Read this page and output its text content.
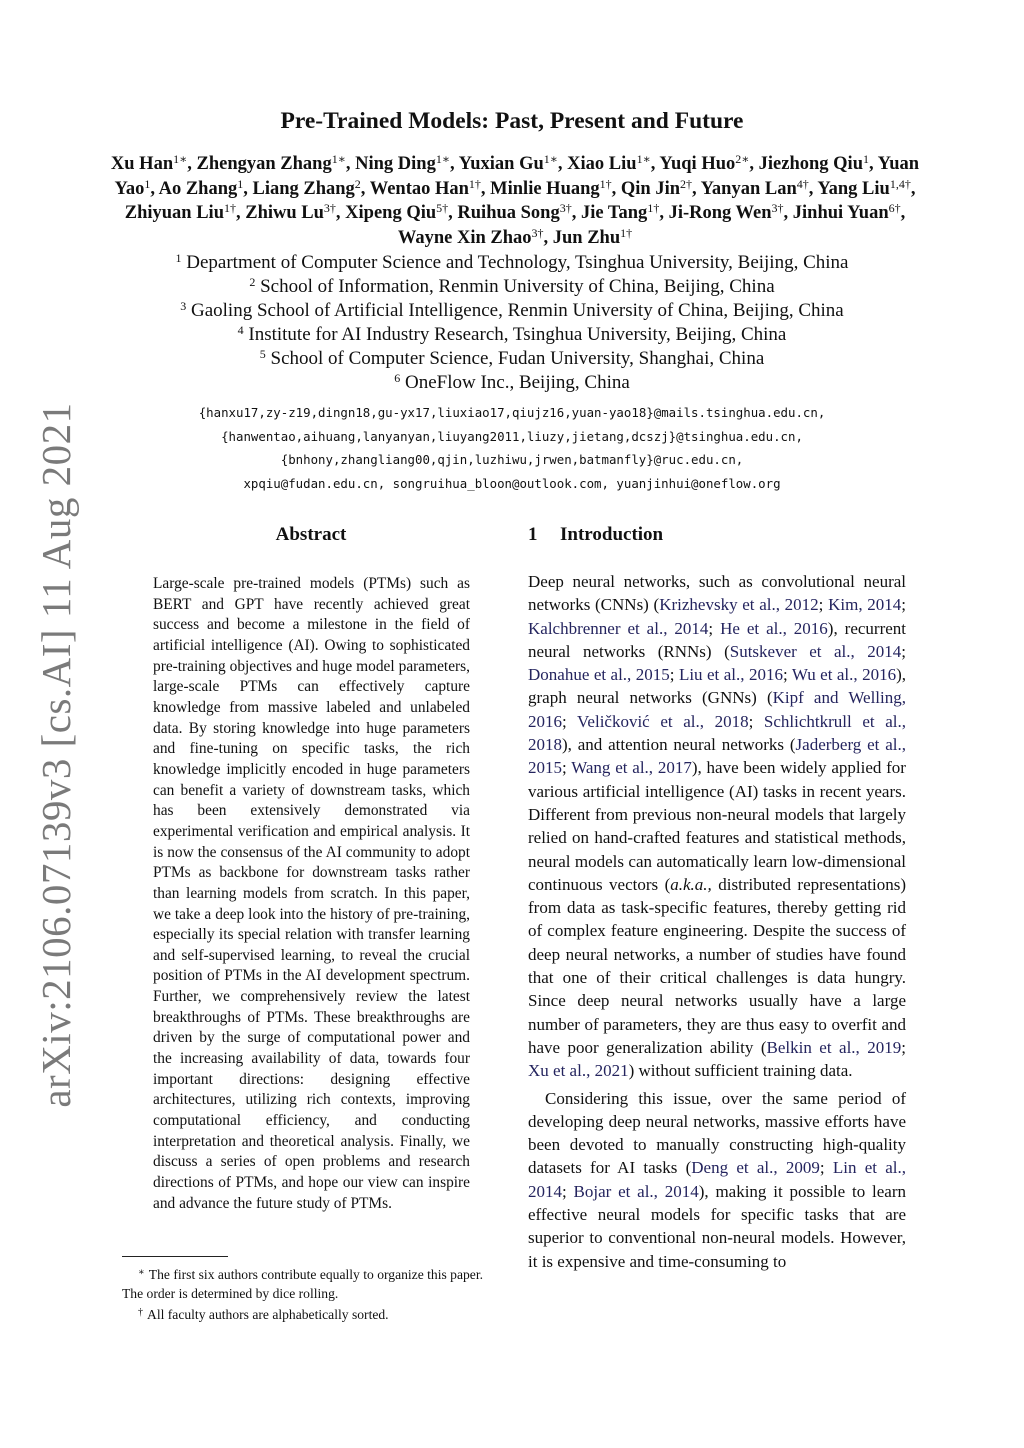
arXiv:2106.07139v3 [cs.AI] 11 Aug 2021
Pre-Trained Models: Past, Present and Future
Xu Han$^{1∗}$, Zhengyan Zhang$^{1∗}$, Ning Ding$^{1∗}$, Yuxian $Gu^{1∗}$, Xiao Liu$^{1∗}$, Yuqi Huo$^{2∗}$, Jiezhong Qiu$^1$, Yuan Yao$^1$, Ao Zhang$^1$, Liang Zhang$^2$, Wentao Han$^{1\dagger}$, Minlie Huang$^{1\dagger}$, Qin Jin$^{2\dagger}$, Yanyan Lan$^{4\dagger}$, Yang Liu$^{1,4\dagger}$, Zhiyuan Liu$^{1\dagger}$, Zhiwu $Lu^{3\dagger}$, Xipeng Qiu$^{5\dagger}$, Ruihua Song$^{3\dagger}$, Jie Tang$^{1\dagger}$, Ji-Rong Wen$^{3\dagger}$, Jinhui Yuan$^{6\dagger}$, Wayne Xin Zhao$^{3\dagger}$, Jun Zhu$^{1\dagger}$
$^1$ Department of Computer Science and Technology, Tsinghua University, Beijing, China
$^2$ School of Information, Renmin University of China, Beijing, China
$^3$ Gaoling School of Artificial Intelligence, Renmin University of China, Beijing, China
$^4$ Institute for AI Industry Research, Tsinghua University, Beijing, China
$^5$ School of Computer Science, Fudan University, Shanghai, China
$^6$ OneFlow Inc., Beijing, China
{hanxu17,zy-z19,dingn18,gu-yx17,liuxiao17,qiujz16,yuan-yao18}@mails.tsinghua.edu.cn,
{hanwentao,aihuang,lanyanyan,liuyang2011,liuzy,jietang,dcszj}@tsinghua.edu.cn,
{bnhony,zhangliang00,qjin,luzhiwu,jrwen,batmanfly}@ruc.edu.cn,
xpqiu@fudan.edu.cn, songruihua_bloon@outlook.com, yuanjinhui@oneflow.org
Abstract

Large-scale pre-trained models (PTMs) such as BERT and GPT have recently achieved great success and become a milestone in the field of artificial intelligence (AI). Owing to sophisticated pre-training objectives and huge model parameters, large-scale PTMs can effectively capture knowledge from massive labeled and unlabeled data. By storing knowledge into huge parameters and fine-tuning on specific tasks, the rich knowledge implicitly encoded in huge parameters can benefit a variety of downstream tasks, which has been extensively demonstrated via experimental verification and empirical analysis. It is now the consensus of the AI community to adopt PTMs as backbone for downstream tasks rather than learning models from scratch. In this paper, we take a deep look into the history of pre-training, especially its special relation with transfer learning and self-supervised learning, to reveal the crucial position of PTMs in the AI development spectrum. Further, we comprehensively review the latest breakthroughs of PTMs. These breakthroughs are driven by the surge of computational power and the increasing availability of data, towards four important directions: designing effective architectures, utilizing rich contexts, improving computational efficiency, and conducting interpretation and theoretical analysis. Finally, we discuss a series of open problems and research directions of PTMs, and hope our view can inspire and advance the future study of PTMs.

∗ The first six authors contribute equally to organize this paper. The order is determined by dice rolling.
† All faculty authors are alphabetically sorted.
1 Introduction

Deep neural networks, such as convolutional neural networks (CNNs) (Krizhevsky et al., 2012; Kim, 2014; Kalchbrenner et al., 2014; He et al., 2016), recurrent neural networks (RNNs) (Sutskever et al., 2014; Donahue et al., 2015; Liu et al., 2016; Wu et al., 2016), graph neural networks (GNNs) (Kipf and Welling, 2016; Veličković et al., 2018; Schlichtkrull et al., 2018), and attention neural networks (Jaderberg et al., 2015; Wang et al., 2017), have been widely applied for various artificial intelligence (AI) tasks in recent years. Different from previous non-neural models that largely relied on hand-crafted features and statistical methods, neural models can automatically learn low-dimensional continuous vectors (a.k.a., distributed representations) from data as task-specific features, thereby getting rid of complex feature engineering. Despite the success of deep neural networks, a number of studies have found that one of their critical challenges is data hungry. Since deep neural networks usually have a large number of parameters, they are thus easy to overfit and have poor generalization ability (Belkin et al., 2019; Xu et al., 2021) without sufficient training data.

Considering this issue, over the same period of developing deep neural networks, massive efforts have been devoted to manually constructing high-quality datasets for AI tasks (Deng et al., 2009; Lin et al., 2014; Bojar et al., 2014), making it possible to learn effective neural models for specific tasks that are superior to conventional non-neural models. However, it is expensive and time-consuming to
